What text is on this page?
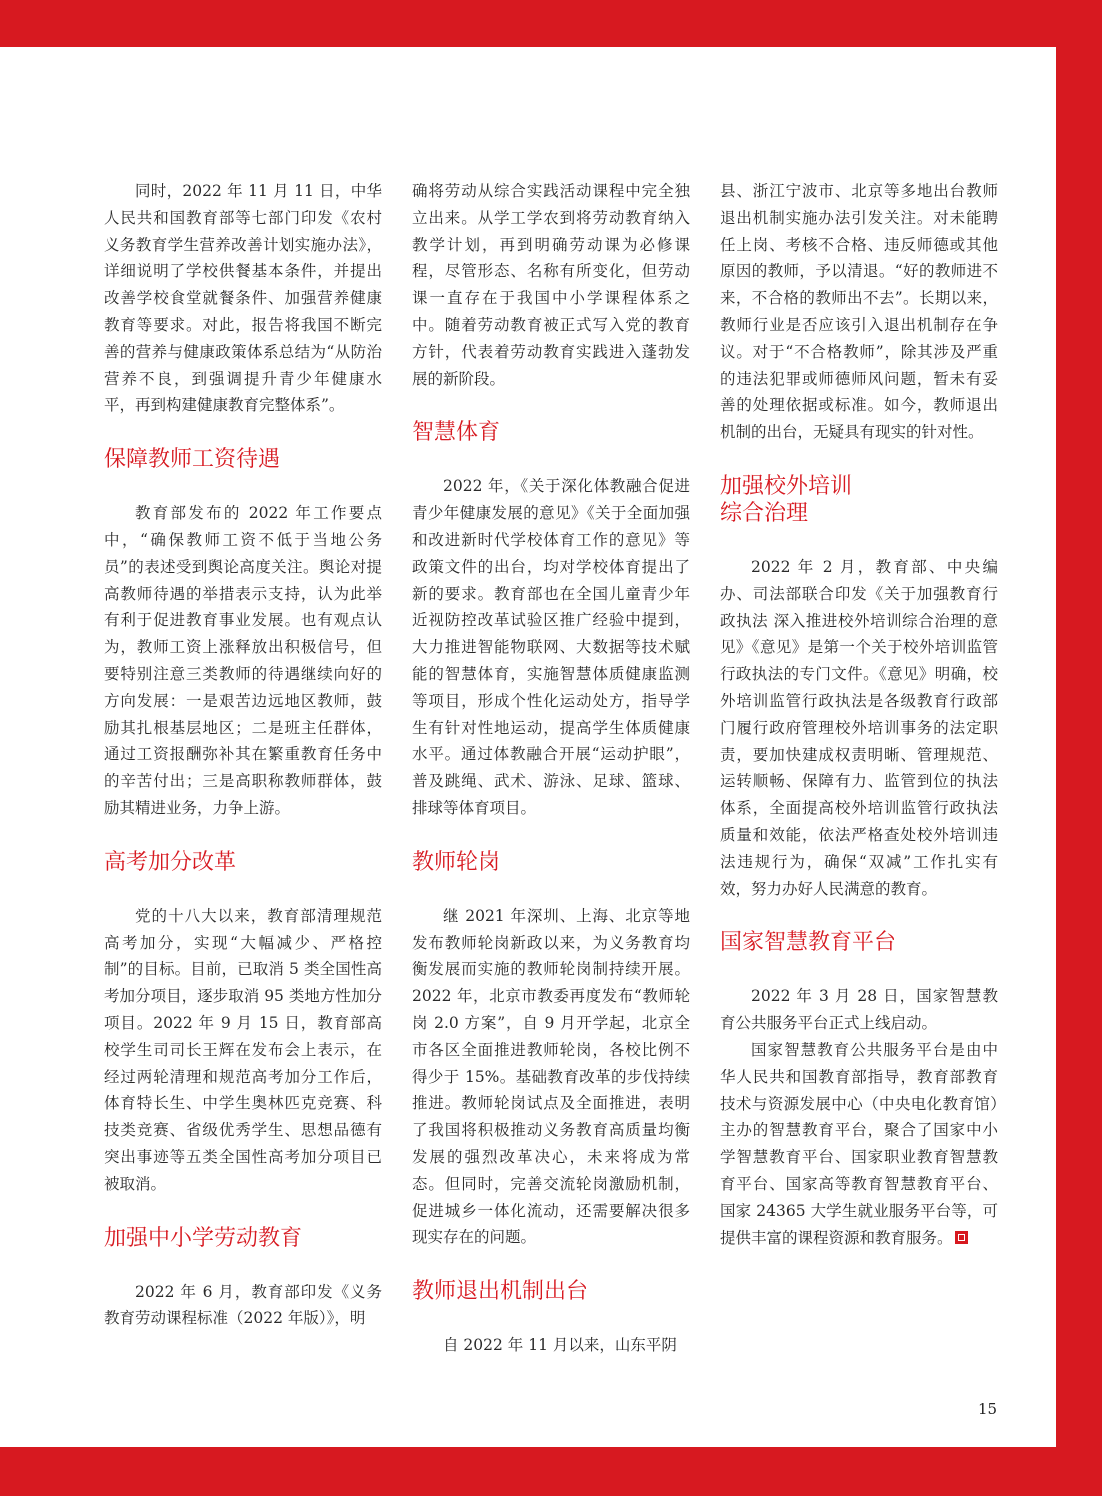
同时，2022 年 11 月 11 日，中华人民共和国教育部等七部门印发《农村义务教育学生营养改善计划实施办法》，详细说明了学校供餐基本条件，并提出改善学校食堂就餐条件、加强营养健康教育等要求。对此，报告将我国不断完善的营养与健康政策体系总结为“从防治营养不良，到强调提升青少年健康水平，再到构建健康教育完整体系”。

保障教师工资待遇

教育部发布的 2022 年工作要点中，“确保教师工资不低于当地公务员”的表述受到舆论高度关注。舆论对提高教师待遇的举措表示支持，认为此举有利于促进教育事业发展。也有观点认为，教师工资上涨释放出积极信号，但要特别注意三类教师的待遇继续向好的方向发展：一是艰苦边远地区教师，鼓励其扎根基层地区；二是班主任群体，通过工资报酬弥补其在繁重教育任务中的辛苦付出；三是高职称教师群体，鼓励其精进业务，力争上游。

高考加分改革

党的十八大以来，教育部清理规范高考加分，实现“大幅减少、严格控制”的目标。目前，已取消 5 类全国性高考加分项目，逐步取消 95 类地方性加分项目。2022 年 9 月 15 日，教育部高校学生司司长王辉在发布会上表示，在经过两轮清理和规范高考加分工作后，体育特长生、中学生奥林匹克竞赛、科技类竞赛、省级优秀学生、思想品德有突出事迹等五类全国性高考加分项目已被取消。

加强中小学劳动教育

2022 年 6 月，教育部印发《义务教育劳动课程标准（2022 年版）》，明

确将劳动从综合实践活动课程中完全独立出来。从学工学农到将劳动教育纳入教学计划，再到明确劳动课为必修课程，尽管形态、名称有所变化，但劳动课一直存在于我国中小学课程体系之中。随着劳动教育被正式写入党的教育方针，代表着劳动教育实践进入蓬勃发展的新阶段。

智慧体育

2022 年，《关于深化体教融合促进青少年健康发展的意见》《关于全面加强和改进新时代学校体育工作的意见》等政策文件的出台，均对学校体育提出了新的要求。教育部也在全国儿童青少年近视防控改革试验区推广经验中提到，大力推进智能物联网、大数据等技术赋能的智慧体育，实施智慧体质健康监测等项目，形成个性化运动处方，指导学生有针对性地运动，提高学生体质健康水平。通过体教融合开展“运动护眼”，普及跳绳、武术、游泳、足球、篮球、排球等体育项目。

教师轮岗

继 2021 年深圳、上海、北京等地发布教师轮岗新政以来，为义务教育均衡发展而实施的教师轮岗制持续开展。2022 年，北京市教委再度发布“教师轮岗 2.0 方案”，自 9 月开学起，北京全市各区全面推进教师轮岗，各校比例不得少于 15%。基础教育改革的步伐持续推进。教师轮岗试点及全面推进，表明了我国将积极推动义务教育高质量均衡发展的强烈改革决心，未来将成为常态。但同时，完善交流轮岗激励机制，促进城乡一体化流动，还需要解决很多现实存在的问题。

教师退出机制出台

自 2022 年 11 月以来，山东平阴

县、浙江宁波市、北京等多地出台教师退出机制实施办法引发关注。对未能聘任上岗、考核不合格、违反师德或其他原因的教师，予以清退。“好的教师进不来，不合格的教师出不去”。长期以来，教师行业是否应该引入退出机制存在争议。对于“不合格教师”，除其涉及严重的违法犯罪或师德师风问题，暂未有妥善的处理依据或标准。如今，教师退出机制的出台，无疑具有现实的针对性。

加强校外培训
综合治理

2022 年 2 月，教育部、中央编办、司法部联合印发《关于加强教育行政执法 深入推进校外培训综合治理的意见》《意见》是第一个关于校外培训监管行政执法的专门文件。《意见》明确，校外培训监管行政执法是各级教育行政部门履行政府管理校外培训事务的法定职责，要加快建成权责明晰、管理规范、运转顺畅、保障有力、监管到位的执法体系，全面提高校外培训监管行政执法质量和效能，依法严格查处校外培训违法违规行为，确保“双减”工作扎实有效，努力办好人民满意的教育。

国家智慧教育平台

2022 年 3 月 28 日，国家智慧教育公共服务平台正式上线启动。

国家智慧教育公共服务平台是由中华人民共和国教育部指导，教育部教育技术与资源发展中心（中央电化教育馆）主办的智慧教育平台，聚合了国家中小学智慧教育平台、国家职业教育智慧教育平台、国家高等教育智慧教育平台、国家 24365 大学生就业服务平台等，可提供丰富的课程资源和教育服务。

15
